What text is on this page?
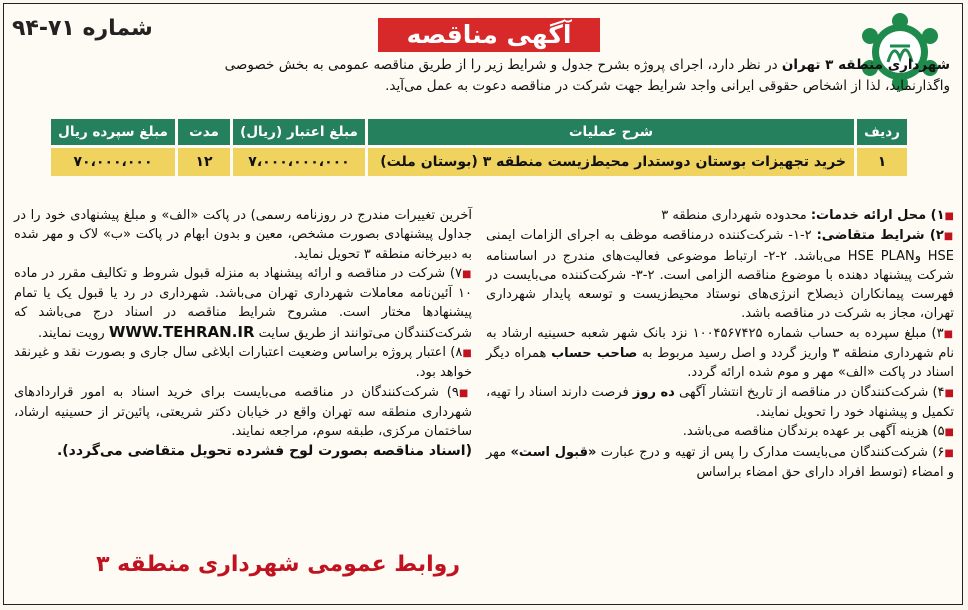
آگهی مناقصه
شماره ۷۱-۹۴
شهرداری منطقه ۳ تهران در نظر دارد، اجرای پروژه بشرح جدول و شرایط زیر را از طریق مناقصه عمومی به بخش خصوصی
واگذارنماید، لذا از اشخاص حقوقی ایرانی واجد شرایط جهت شرکت در مناقصه دعوت به عمل می‌آید.
ردیف	شرح عملیات	مبلغ اعتبار (ریال)	مدت	مبلغ سپرده ریال
۱	خرید تجهیزات بوستان دوستدار محیط‌زیست منطقه ۳ (بوستان ملت)	۷،۰۰۰،۰۰۰،۰۰۰	۱۲	۷۰،۰۰۰،۰۰۰

■۱) محل ارائه خدمات: محدوده شهرداری منطقه ۳

■۲) شرایط متقاضی: ۲-۱- شرکت‌کننده درمناقصه موظف به اجرای الزامات ایمنی HSE وHSE PLAN می‌باشد. ۲-۲- ارتباط موضوعی فعالیت‌های مندرج در اساسنامه شرکت پیشنهاد دهنده با موضوع مناقصه الزامی است. ۲-۳- شرکت‌کننده می‌بایست در فهرست پیمانکاران ذیصلاح انرژی‌های نوستاد محیط‌زیست و توسعه پایدار شهرداری تهران، مجاز به شرکت در مناقصه باشد.

■۳) مبلغ سپرده به حساب شماره ۱۰۰۴۵۶۷۴۲۵ نزد بانک شهر شعبه حسینیه ارشاد به نام شهرداری منطقه ۳ واریز گردد و اصل رسید مربوط به صاحب حساب همراه دیگر اسناد در پاکت «الف» مهر و موم شده ارائه گردد.

■۴) شرکت‌کنندگان در مناقصه از تاریخ انتشار آگهی ده روز فرصت دارند اسناد را تهیه، تکمیل و پیشنهاد خود را تحویل نمایند.

■۵) هزینه آگهی بر عهده برندگان مناقصه می‌باشد.

■۶) شرکت‌کنندگان می‌بایست مدارک را پس از تهیه و درج عبارت «قبول است» مهر و امضاء (توسط افراد دارای حق امضاء براساس

آخرین تغییرات مندرج در روزنامه رسمی) در پاکت «الف» و مبلغ پیشنهادی خود را در جداول پیشنهادی بصورت مشخص، معین و بدون ابهام در پاکت «ب» لاک و مهر شده به دبیرخانه منطقه ۳ تحویل نماید.

■۷) شرکت در مناقصه و ارائه پیشنهاد به منزله قبول شروط و تکالیف مقرر در ماده ۱۰ آئین‌نامه معاملات شهرداری تهران می‌باشد. شهرداری در رد یا قبول یک یا تمام پیشنهادها مختار است. مشروح شرایط مناقصه در اسناد درج می‌باشد که شرکت‌کنندگان می‌توانند از طریق سایت WWW.TEHRAN.IR رویت نمایند.

■۸) اعتبار پروژه براساس وضعیت اعتبارات ابلاغی سال جاری و بصورت نقد و غیرنقد خواهد بود.

■۹) شرکت‌کنندگان در مناقصه می‌بایست برای خرید اسناد به امور قراردادهای شهرداری منطقه سه تهران واقع در خیابان دکتر شریعتی، پائین‌تر از حسینیه ارشاد، ساختمان مرکزی، طبقه سوم، مراجعه نمایند.

(اسناد مناقصه بصورت لوح فشرده تحویل متقاضی می‌گردد).

روابط عمومی شهرداری منطقه ۳
